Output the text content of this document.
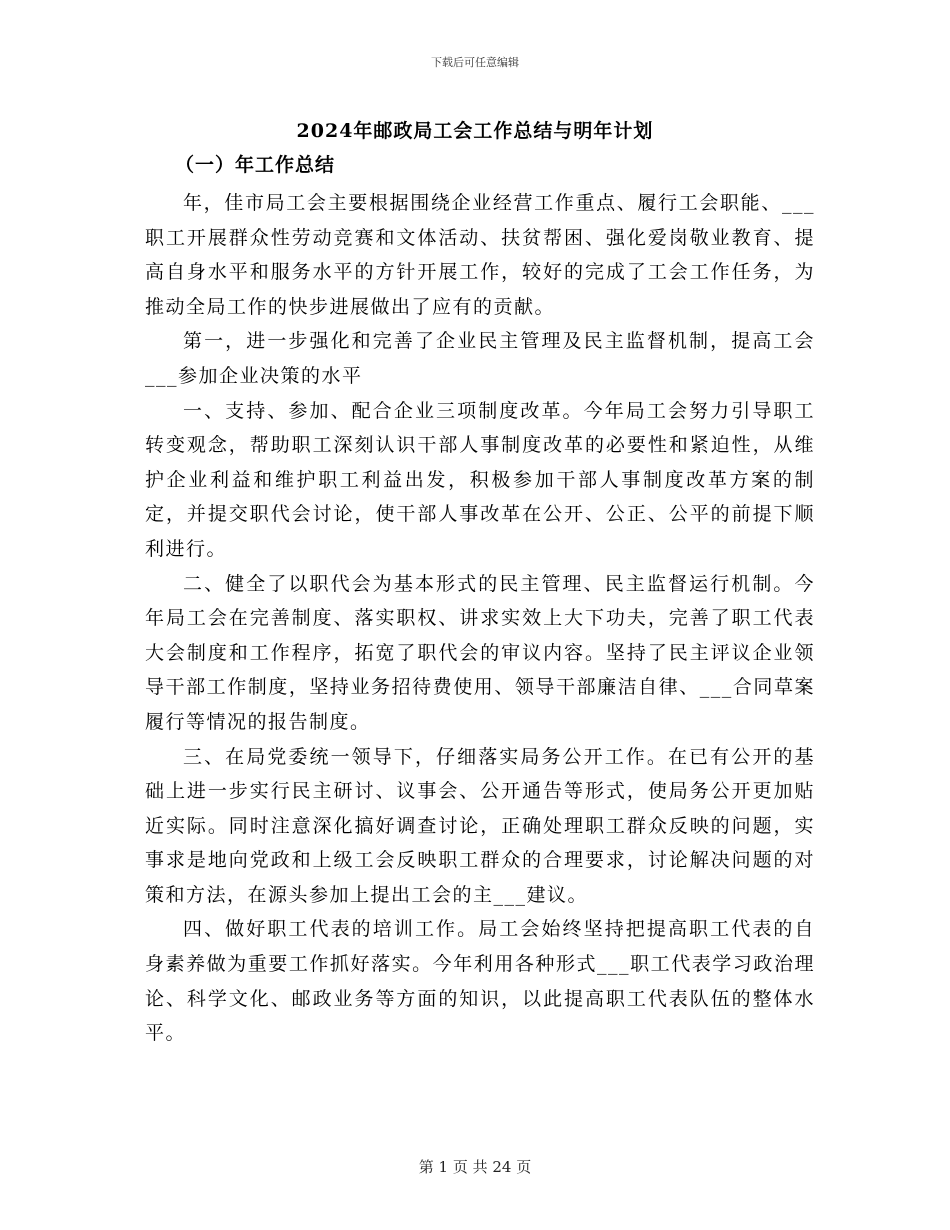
下载后可任意编辑
2024年邮政局工会工作总结与明年计划
（一）年工作总结

年，佳市局工会主要根据围绕企业经营工作重点、履行工会职能、___职工开展群众性劳动竞赛和文体活动、扶贫帮困、强化爱岗敬业教育、提高自身水平和服务水平的方针开展工作，较好的完成了工会工作任务，为推动全局工作的快步进展做出了应有的贡献。

第一，进一步强化和完善了企业民主管理及民主监督机制，提高工会___参加企业决策的水平

一、支持、参加、配合企业三项制度改革。今年局工会努力引导职工转变观念，帮助职工深刻认识干部人事制度改革的必要性和紧迫性，从维护企业利益和维护职工利益出发，积极参加干部人事制度改革方案的制定，并提交职代会讨论，使干部人事改革在公开、公正、公平的前提下顺利进行。

二、健全了以职代会为基本形式的民主管理、民主监督运行机制。今年局工会在完善制度、落实职权、讲求实效上大下功夫，完善了职工代表大会制度和工作程序，拓宽了职代会的审议内容。坚持了民主评议企业领导干部工作制度，坚持业务招待费使用、领导干部廉洁自律、___合同草案履行等情况的报告制度。

三、在局党委统一领导下，仔细落实局务公开工作。在已有公开的基础上进一步实行民主研讨、议事会、公开通告等形式，使局务公开更加贴近实际。同时注意深化搞好调查讨论，正确处理职工群众反映的问题，实事求是地向党政和上级工会反映职工群众的合理要求，讨论解决问题的对策和方法，在源头参加上提出工会的主___建议。

四、做好职工代表的培训工作。局工会始终坚持把提高职工代表的自身素养做为重要工作抓好落实。今年利用各种形式___职工代表学习政治理论、科学文化、邮政业务等方面的知识，以此提高职工代表队伍的整体水平。

第 1 页 共 24 页
